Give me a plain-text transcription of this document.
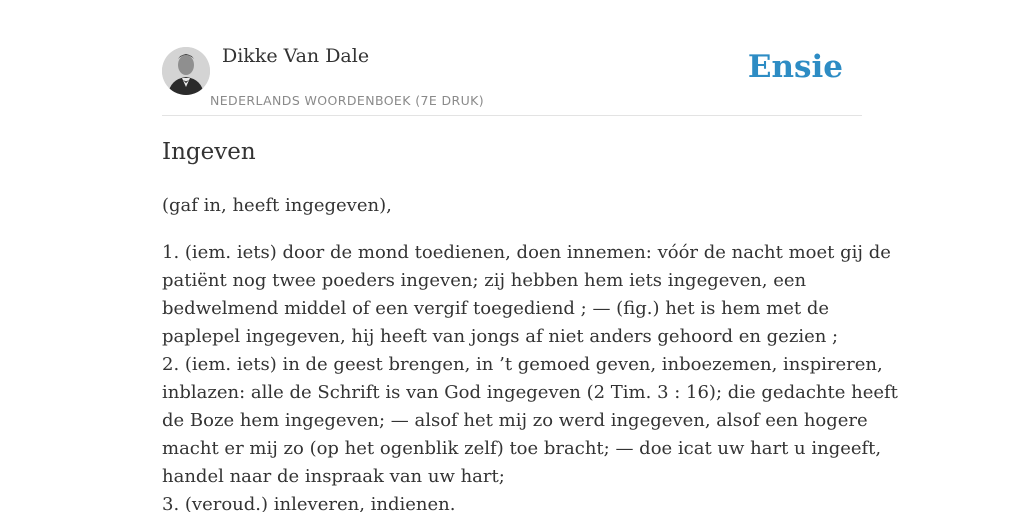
Dikke Van Dale
NEDERLANDS WOORDENBOEK (7E DRUK)
Ensie
Ingeven

(gaf in, heeft ingegeven),

1. (iem. iets) door de mond toedienen, doen innemen: vóór de nacht moet gij de
patiënt nog twee poeders ingeven; zij hebben hem iets ingegeven, een
bedwelmend middel of een vergif toegediend ; — (fig.) het is hem met de
paplepel ingegeven, hij heeft van jongs af niet anders gehoord en gezien ;
2. (iem. iets) in de geest brengen, in ’t gemoed geven, inboezemen, inspireren,
inblazen: alle de Schrift is van God ingegeven (2 Tim. 3 : 16); die gedachte heeft
de Boze hem ingegeven; — alsof het mij zo werd ingegeven, alsof een hogere
macht er mij zo (op het ogenblik zelf) toe bracht; — doe icat uw hart u ingeeft,
handel naar de inspraak van uw hart;
3. (veroud.) inleveren, indienen.
